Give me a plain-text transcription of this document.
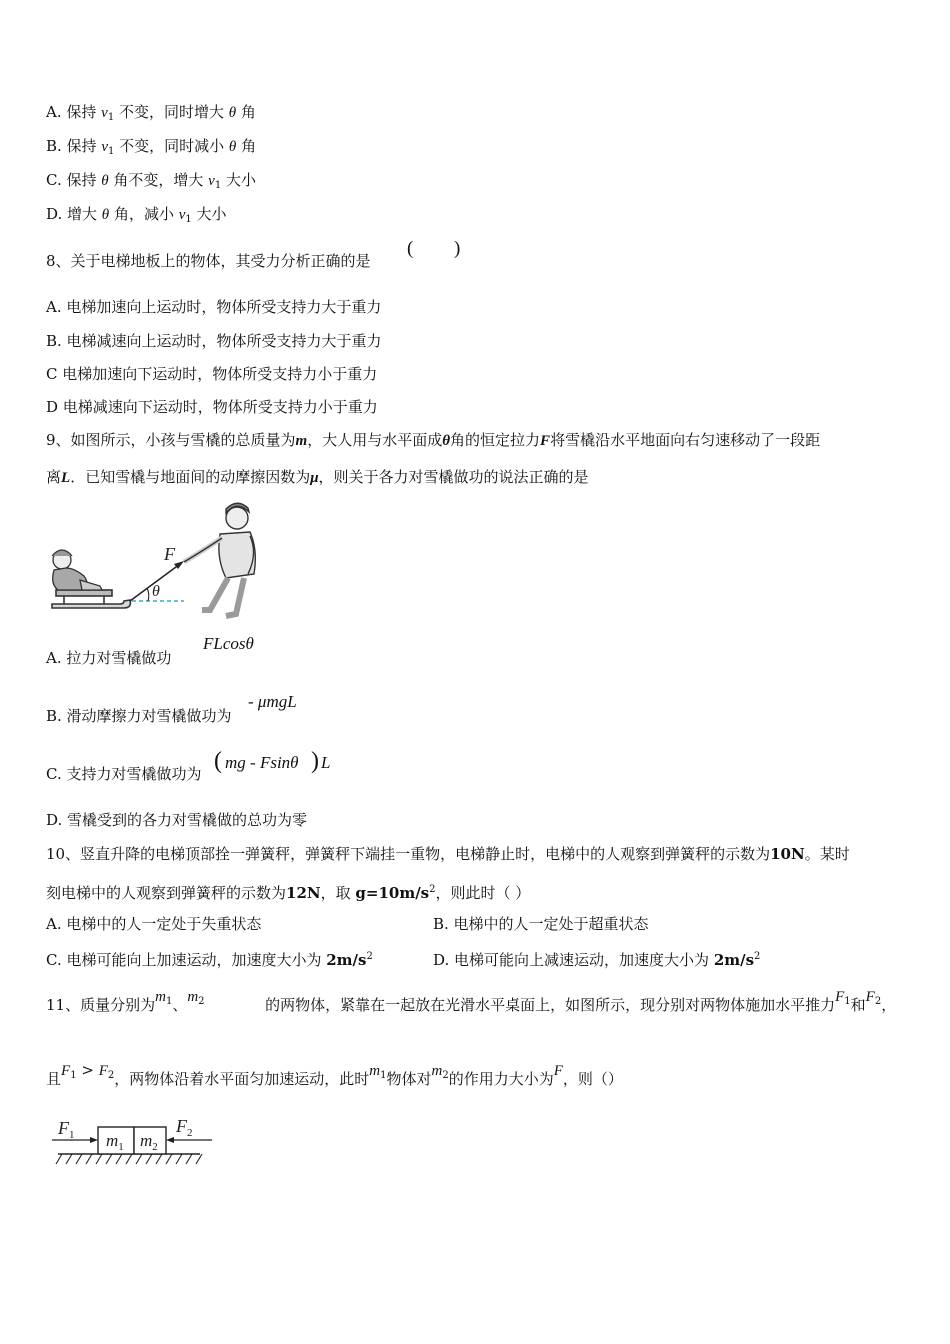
A. 保持 $v_1$ 不变，同时增大 θ 角
B. 保持 $v_1$ 不变，同时减小 θ 角
C. 保持 θ 角不变，增大 $v_1$ 大小
D. 增大 θ 角，减小 $v_1$ 大小
8、关于电梯地板上的物体，其受力分析正确的是
( )
A. 电梯加速向上运动时，物体所受支持力大于重力
B. 电梯减速向上运动时，物体所受支持力大于重力
C 电梯加速向下运动时，物体所受支持力小于重力
D 电梯减速向下运动时，物体所受支持力小于重力
9、如图所示，小孩与雪橇的总质量为m，大人用与水平面成θ角的恒定拉力F将雪橇沿水平地面向右匀速移动了一段距
离L．已知雪橇与地面间的动摩擦因数为μ，则关于各力对雪橇做功的说法正确的是
F
θ
A. 拉力对雪橇做功
FLcosθ
B. 滑动摩擦力对雪橇做功为
- μmgL
C. 支持力对雪橇做功为 ( mg - Fsinθ ) L
D. 雪橇受到的各力对雪橇做的总功为零
10、竖直升降的电梯顶部拴一弹簧秤，弹簧秤下端挂一重物，电梯静止时，电梯中的人观察到弹簧秤的示数为10N。某时
刻电梯中的人观察到弹簧秤的示数为12N，取 $g=10m/s^2$，则此时（ ）
A. 电梯中的人一定处于失重状态	B. 电梯中的人一定处于超重状态
C. 电梯可能向上加速运动，加速度大小为 $2m/s^2$	D. 电梯可能向上减速运动，加速度大小为 $2m/s^2$
11、质量分别为$m_1$、$m_2$	的两物体，紧靠在一起放在光滑水平桌面上，如图所示，现分别对两物体施加水平推力$F_1$和$F_2$，
且$F_1 > F_2$，两物体沿着水平面匀加速运动，此时$m_1$物体对$m_2$的作用力大小为F，则（）
$m_1$ $m_2$
$F_1$	$F_2$
